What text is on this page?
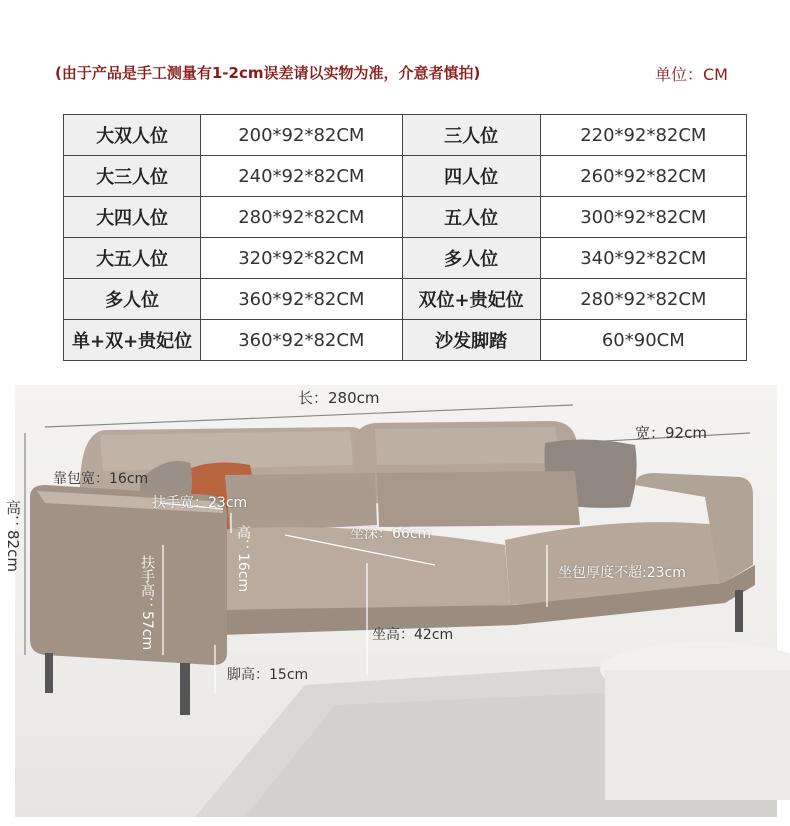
(由于产品是手工测量有1-2cm误差请以实物为准，介意者慎拍)	单位：CM
大双人位	200*92*82CM	三人位	220*92*82CM
大三人位	240*92*82CM	四人位	260*92*82CM
大四人位	280*92*82CM	五人位	300*92*82CM
大五人位	320*92*82CM	多人位	340*92*82CM
多人位	360*92*82CM	双位+贵妃位	280*92*82CM
单+双+贵妃位	360*92*82CM	沙发脚踏	60*90CM
长：280cm
宽：92cm
高：82cm
靠包宽：16cm
扶手宽：23cm
高：16cm
扶手高：57cm
坐深：66cm
坐包厚度不超:23cm
坐高：42cm
脚高：15cm
